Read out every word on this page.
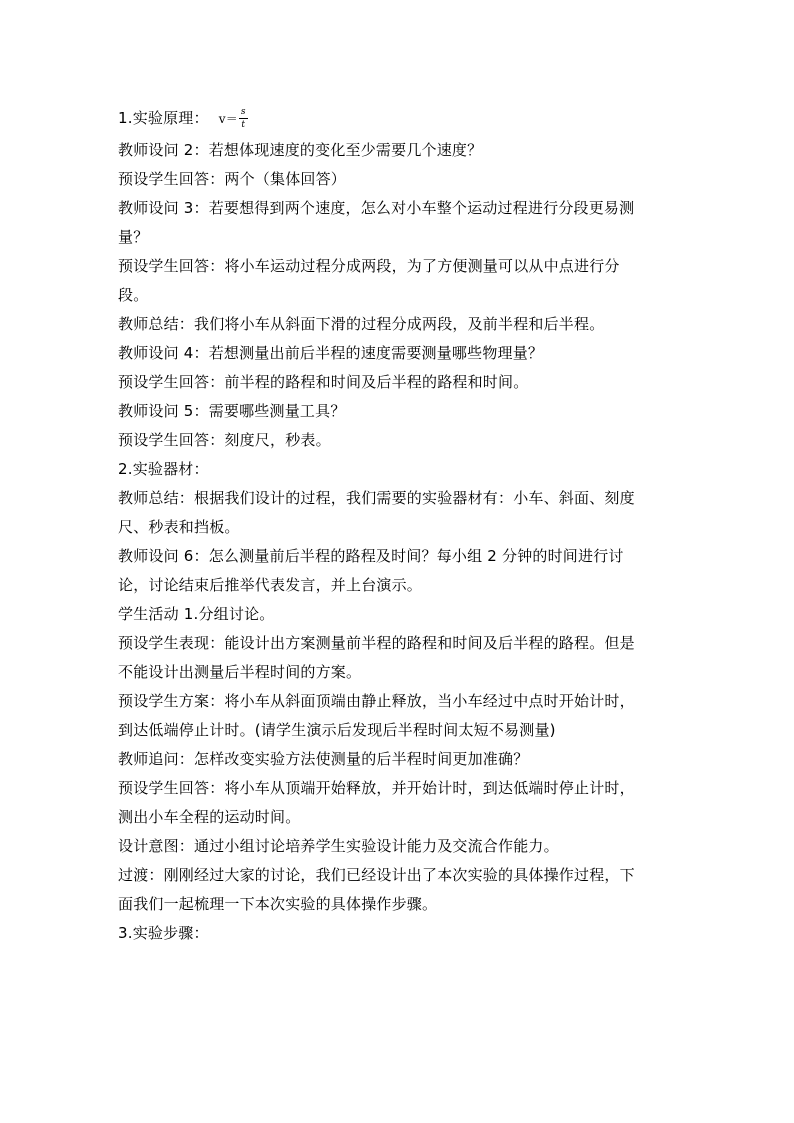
1.实验原理： $v= \frac{s}{t}$
教师设问 2：若想体现速度的变化至少需要几个速度？
预设学生回答：两个（集体回答）
教师设问 3：若要想得到两个速度，怎么对小车整个运动过程进行分段更易测
量？
预设学生回答：将小车运动过程分成两段，为了方便测量可以从中点进行分
段。
教师总结：我们将小车从斜面下滑的过程分成两段，及前半程和后半程。
教师设问 4：若想测量出前后半程的速度需要测量哪些物理量？
预设学生回答：前半程的路程和时间及后半程的路程和时间。
教师设问 5：需要哪些测量工具？
预设学生回答：刻度尺，秒表。
2.实验器材：
教师总结：根据我们设计的过程，我们需要的实验器材有：小车、斜面、刻度
尺、秒表和挡板。
教师设问 6：怎么测量前后半程的路程及时间？每小组 2 分钟的时间进行讨
论，讨论结束后推举代表发言，并上台演示。
学生活动 1.分组讨论。
预设学生表现：能设计出方案测量前半程的路程和时间及后半程的路程。但是
不能设计出测量后半程时间的方案。
预设学生方案：将小车从斜面顶端由静止释放，当小车经过中点时开始计时，
到达低端停止计时。(请学生演示后发现后半程时间太短不易测量)
教师追问：怎样改变实验方法使测量的后半程时间更加准确？
预设学生回答：将小车从顶端开始释放，并开始计时，到达低端时停止计时，
测出小车全程的运动时间。
设计意图：通过小组讨论培养学生实验设计能力及交流合作能力。
过渡：刚刚经过大家的讨论，我们已经设计出了本次实验的具体操作过程，下
面我们一起梳理一下本次实验的具体操作步骤。
3.实验步骤：
